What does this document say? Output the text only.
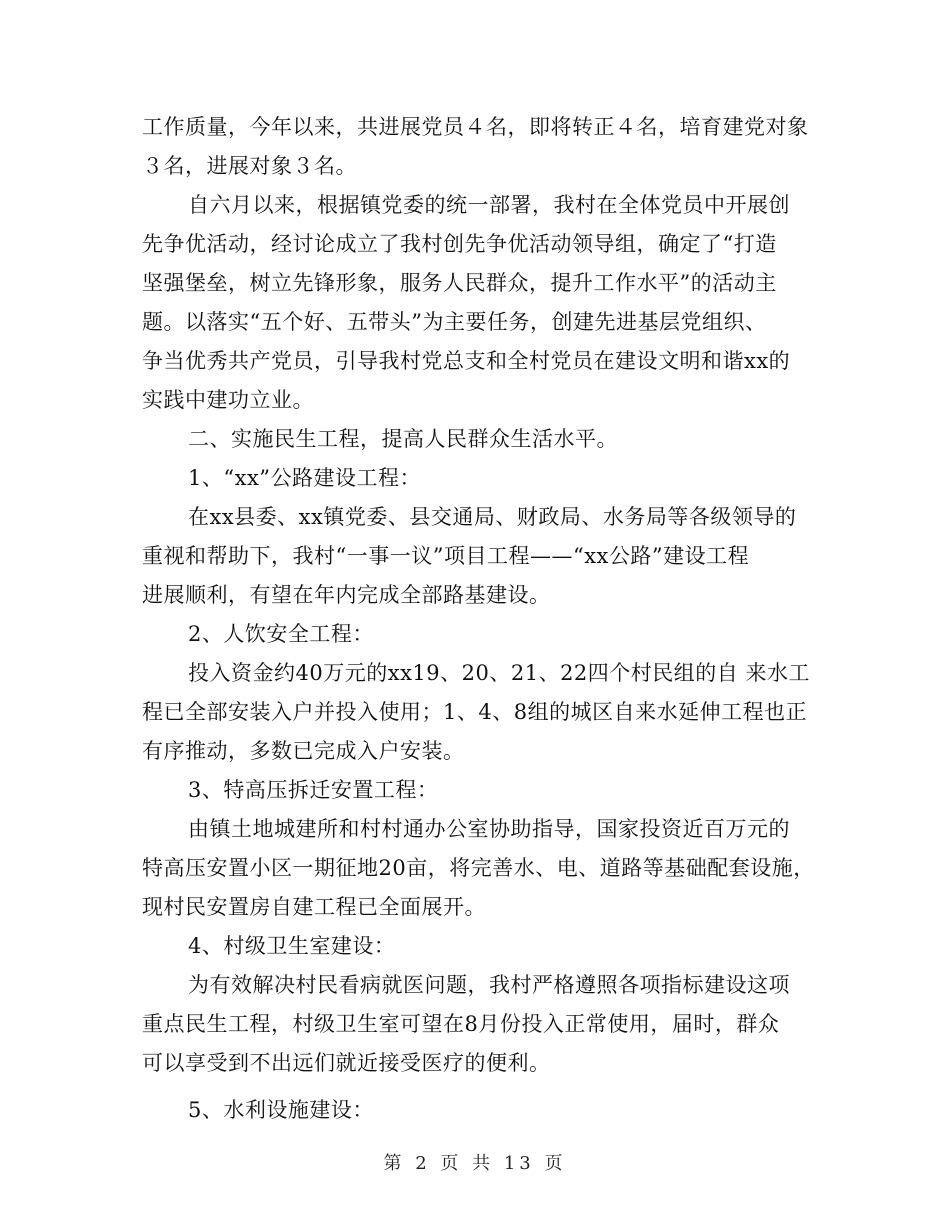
工作质量，今年以来，共进展党员４名，即将转正４名，培育建党对象
３名，进展对象３名。
自六月以来，根据镇党委的统一部署，我村在全体党员中开展创
先争优活动，经讨论成立了我村创先争优活动领导组，确定了“打造
坚强堡垒，树立先锋形象，服务人民群众，提升工作水平”的活动主
题。以落实“五个好、五带头”为主要任务，创建先进基层党组织、
争当优秀共产党员，引导我村党总支和全村党员在建设文明和谐xx的
实践中建功立业。
二、实施民生工程，提高人民群众生活水平。
1、“xx”公路建设工程：
在xx县委、xx镇党委、县交通局、财政局、水务局等各级领导的
重视和帮助下，我村“一事一议”项目工程——“xx公路”建设工程
进展顺利，有望在年内完成全部路基建设。
2、人饮安全工程：
投入资金约40万元的xx19、20、21、22四个村民组的自 来水工
程已全部安装入户并投入使用；1、4、8组的城区自来水延伸工程也正
有序推动，多数已完成入户安装。
3、特高压拆迁安置工程：
由镇土地城建所和村村通办公室协助指导，国家投资近百万元的
特高压安置小区一期征地20亩，将完善水、电、道路等基础配套设施，
现村民安置房自建工程已全面展开。
4、村级卫生室建设：
为有效解决村民看病就医问题，我村严格遵照各项指标建设这项
重点民生工程，村级卫生室可望在8月份投入正常使用，届时，群众
可以享受到不出远们就近接受医疗的便利。
5、水利设施建设：
第 2 页 共 13 页
